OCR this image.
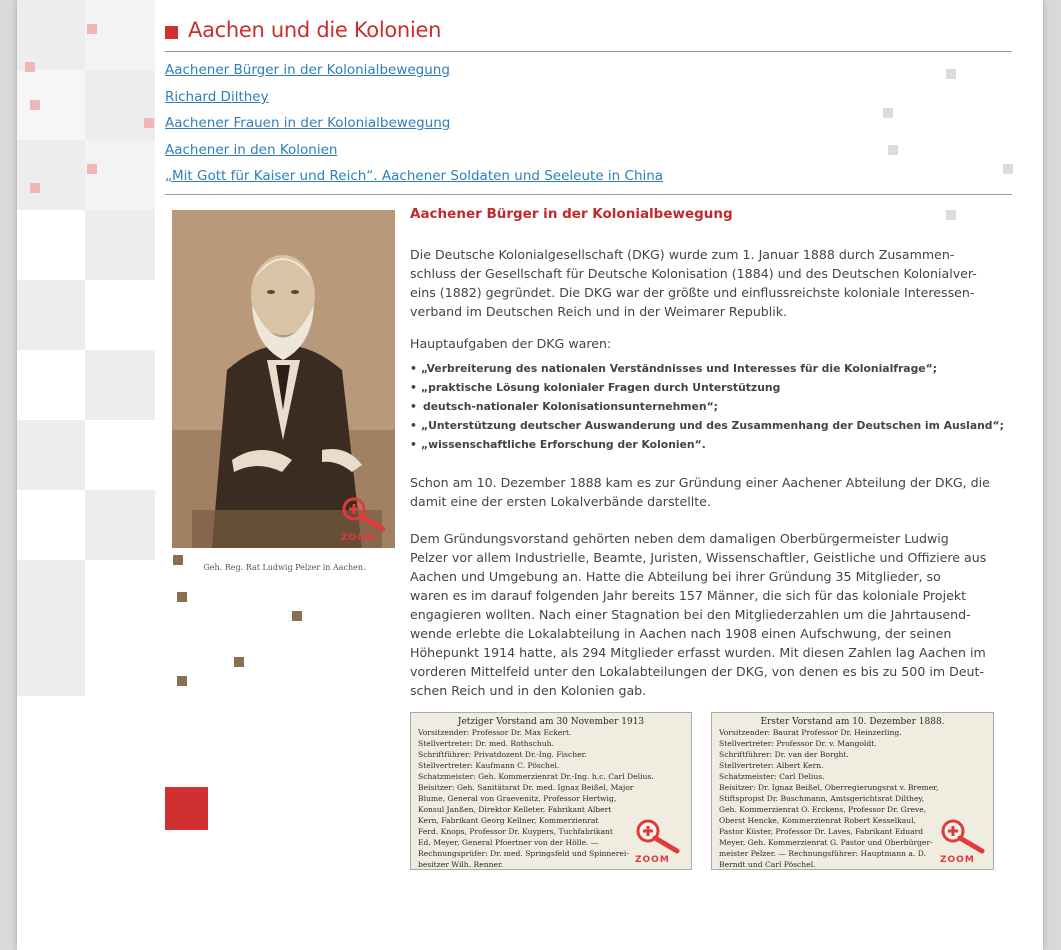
Aachen und die Kolonien
Aachener Bürger in der Kolonialbewegung
Richard Dilthey
Aachener Frauen in der Kolonialbewegung
Aachener in den Kolonien
„Mit Gott für Kaiser und Reich“. Aachener Soldaten und Seeleute in China
ZOOM
Geh. Reg. Rat Ludwig Pelzer in Aachen.
Aachener Bürger in der Kolonialbewegung

Die Deutsche Kolonialgesellschaft (DKG) wurde zum 1. Januar 1888 durch Zusammen-
schluss der Gesellschaft für Deutsche Kolonisation (1884) und des Deutschen Kolonialver-
eins (1882) gegründet. Die DKG war der größte und einflussreichste koloniale Interessen-
verband im Deutschen Reich und in der Weimarer Republik.

Hauptaufgaben der DKG waren:

• „Verbreiterung des nationalen Verständnisses und Interesses für die Kolonialfrage“;
• „praktische Lösung kolonialer Fragen durch Unterstützung
• deutsch-nationaler Kolonisationsunternehmen“;
• „Unterstützung deutscher Auswanderung und des Zusammenhang der Deutschen im Ausland“;
• „wissenschaftliche Erforschung der Kolonien“.

Schon am 10. Dezember 1888 kam es zur Gründung einer Aachener Abteilung der DKG, die
damit eine der ersten Lokalverbände darstellte.

Dem Gründungsvorstand gehörten neben dem damaligen Oberbürgermeister Ludwig
Pelzer vor allem Industrielle, Beamte, Juristen, Wissenschaftler, Geistliche und Offiziere aus
Aachen und Umgebung an. Hatte die Abteilung bei ihrer Gründung 35 Mitglieder, so
waren es im darauf folgenden Jahr bereits 157 Männer, die sich für das koloniale Projekt
engagieren wollten. Nach einer Stagnation bei den Mitgliederzahlen um die Jahrtausend-
wende erlebte die Lokalabteilung in Aachen nach 1908 einen Aufschwung, der seinen
Höhepunkt 1914 hatte, als 294 Mitglieder erfasst wurden. Mit diesen Zahlen lag Aachen im
vorderen Mittelfeld unter den Lokalabteilungen der DKG, von denen es bis zu 500 im Deut-
schen Reich und in den Kolonien gab.

Jetziger Vorstand am 30 November 1913
Vorsitzender: Professor Dr. Max Eckert.
Stellvertreter: Dr. med. Rothschuh.
Schriftführer: Privatdozent Dr.-Ing. Fischer.
Stellvertreter: Kaufmann C. Pöschel.
Schatzmeister: Geh. Kommerzienrat Dr.-Ing. h.c. Carl Delius.
Beisitzer: Geh. Sanitätsrat Dr. med. Ignaz Beißel, Major
Blume, General von Graevenitz, Professor Hertwig,
Konsul Janßen, Direktor Kelleter, Fabrikant Albert
Kern, Fabrikant Georg Kellner, Kommerzienrat
Ferd. Knops, Professor Dr. Kuypers, Tuchfabrikant
Ed. Meyer, General Pfoertner von der Hölle. —
Rechnungsprüfer: Dr. med. Springsfeld und Spinnerei-
besitzer Wilh. Renner.	ZOOM
Erster Vorstand am 10. Dezember 1888.
Vorsitzender: Baurat Professor Dr. Heinzerling.
Stellvertreter: Professor Dr. v. Mangoldt.
Schriftführer: Dr. van der Borght.
Stellvertreter: Albert Kern.
Schatzmeister: Carl Delius.
Beisitzer: Dr. Ignaz Beißel, Oberregierungsrat v. Bremer,
Stiftspropst Dr. Buschmann, Amtsgerichtsrat Dilthey,
Geh. Kommerzienrat O. Erckens, Professor Dr. Greve,
Oberst Hencke, Kommerzienrat Robert Kesselkaul,
Pastor Küster, Professor Dr. Laves, Fabrikant Eduard
Meyer, Geh. Kommerzienrat G. Pastor und Oberbürger-
meister Pelzer. — Rechnungsführer: Hauptmann a. D.
Berndt und Carl Pöschel.	ZOOM
